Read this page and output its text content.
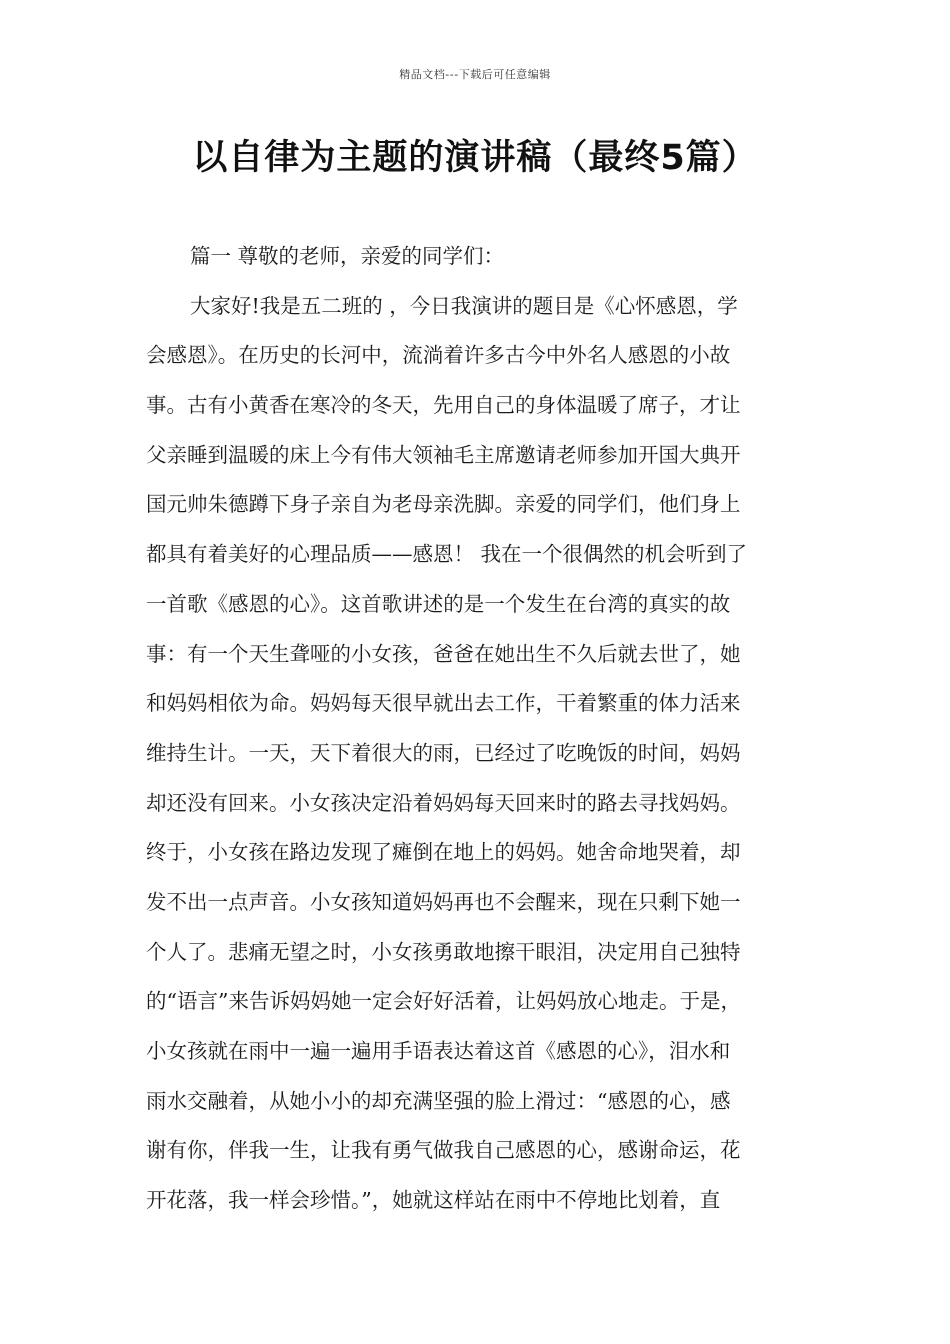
精品文档---下载后可任意编辑
以自律为主题的演讲稿（最终5篇）
篇一 尊敬的老师，亲爱的同学们：
大家好!我是五二班的 ，今日我演讲的题目是《心怀感恩，学
会感恩》。在历史的长河中，流淌着许多古今中外名人感恩的小故
事。古有小黄香在寒冷的冬天，先用自己的身体温暖了席子，才让
父亲睡到温暖的床上今有伟大领袖毛主席邀请老师参加开国大典开
国元帅朱德蹲下身子亲自为老母亲洗脚。亲爱的同学们，他们身上
都具有着美好的心理品质——感恩！ 我在一个很偶然的机会听到了
一首歌《感恩的心》。这首歌讲述的是一个发生在台湾的真实的故
事：有一个天生聋哑的小女孩，爸爸在她出生不久后就去世了，她
和妈妈相依为命。妈妈每天很早就出去工作，干着繁重的体力活来
维持生计。一天，天下着很大的雨，已经过了吃晚饭的时间，妈妈
却还没有回来。小女孩决定沿着妈妈每天回来时的路去寻找妈妈。
终于，小女孩在路边发现了瘫倒在地上的妈妈。她舍命地哭着，却
发不出一点声音。小女孩知道妈妈再也不会醒来，现在只剩下她一
个人了。悲痛无望之时，小女孩勇敢地擦干眼泪，决定用自己独特
的“语言”来告诉妈妈她一定会好好活着，让妈妈放心地走。于是，
小女孩就在雨中一遍一遍用手语表达着这首《感恩的心》，泪水和
雨水交融着，从她小小的却充满坚强的脸上滑过：“感恩的心，感
谢有你，伴我一生，让我有勇气做我自己感恩的心，感谢命运，花
开花落，我一样会珍惜。”，她就这样站在雨中不停地比划着，直
